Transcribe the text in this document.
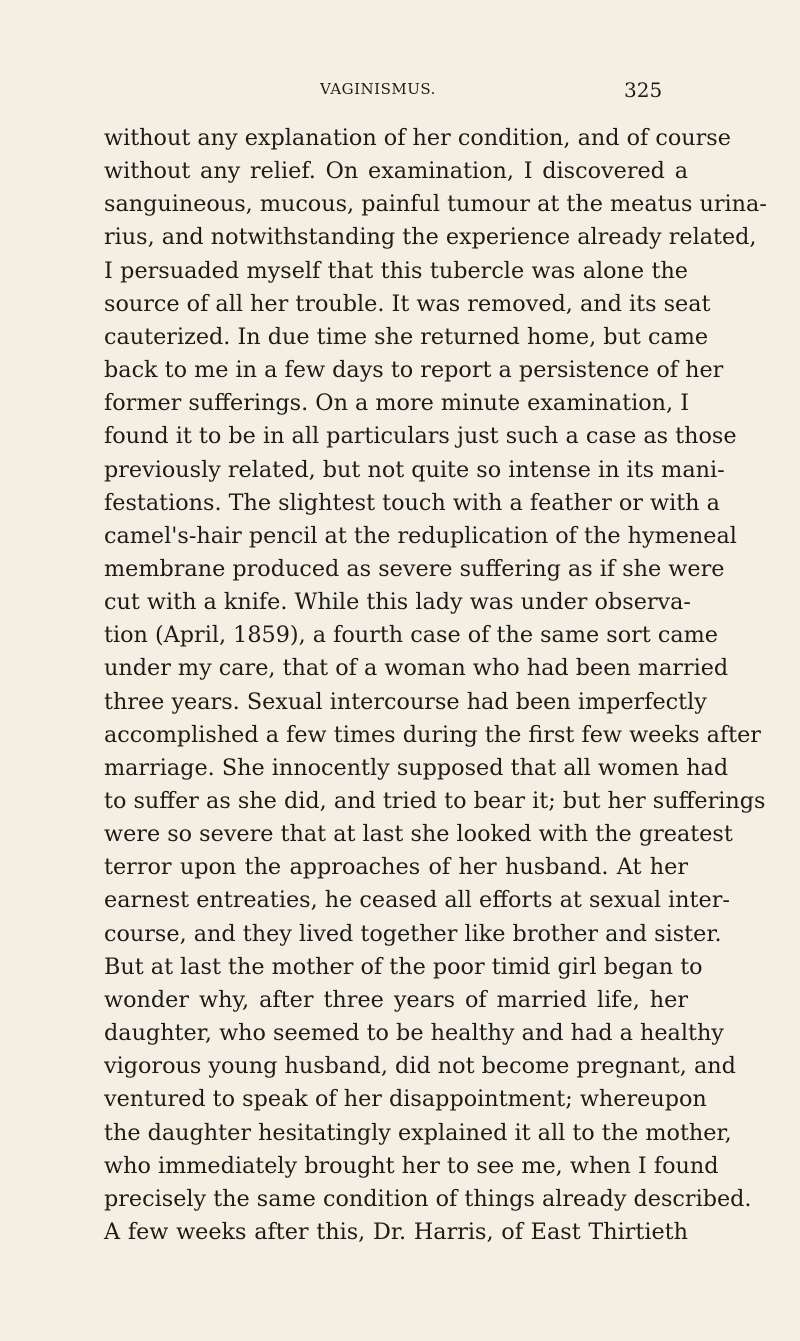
VAGINISMUS.	325
without any explanation of her condition, and of course
without any relief. On examination, I discovered a
sanguineous, mucous, painful tumour at the meatus urina-
rius, and notwithstanding the experience already related,
I persuaded myself that this tubercle was alone the
source of all her trouble. It was removed, and its seat
cauterized. In due time she returned home, but came
back to me in a few days to report a persistence of her
former sufferings. On a more minute examination, I
found it to be in all particulars just such a case as those
previously related, but not quite so intense in its mani-
festations. The slightest touch with a feather or with a
camel's-hair pencil at the reduplication of the hymeneal
membrane produced as severe suffering as if she were
cut with a knife. While this lady was under observa-
tion (April, 1859), a fourth case of the same sort came
under my care, that of a woman who had been married
three years. Sexual intercourse had been imperfectly
accomplished a few times during the first few weeks after
marriage. She innocently supposed that all women had
to suffer as she did, and tried to bear it; but her sufferings
were so severe that at last she looked with the greatest
terror upon the approaches of her husband. At her
earnest entreaties, he ceased all efforts at sexual inter-
course, and they lived together like brother and sister.
But at last the mother of the poor timid girl began to
wonder why, after three years of married life, her
daughter, who seemed to be healthy and had a healthy
vigorous young husband, did not become pregnant, and
ventured to speak of her disappointment; whereupon
the daughter hesitatingly explained it all to the mother,
who immediately brought her to see me, when I found
precisely the same condition of things already described.
A few weeks after this, Dr. Harris, of East Thirtieth
